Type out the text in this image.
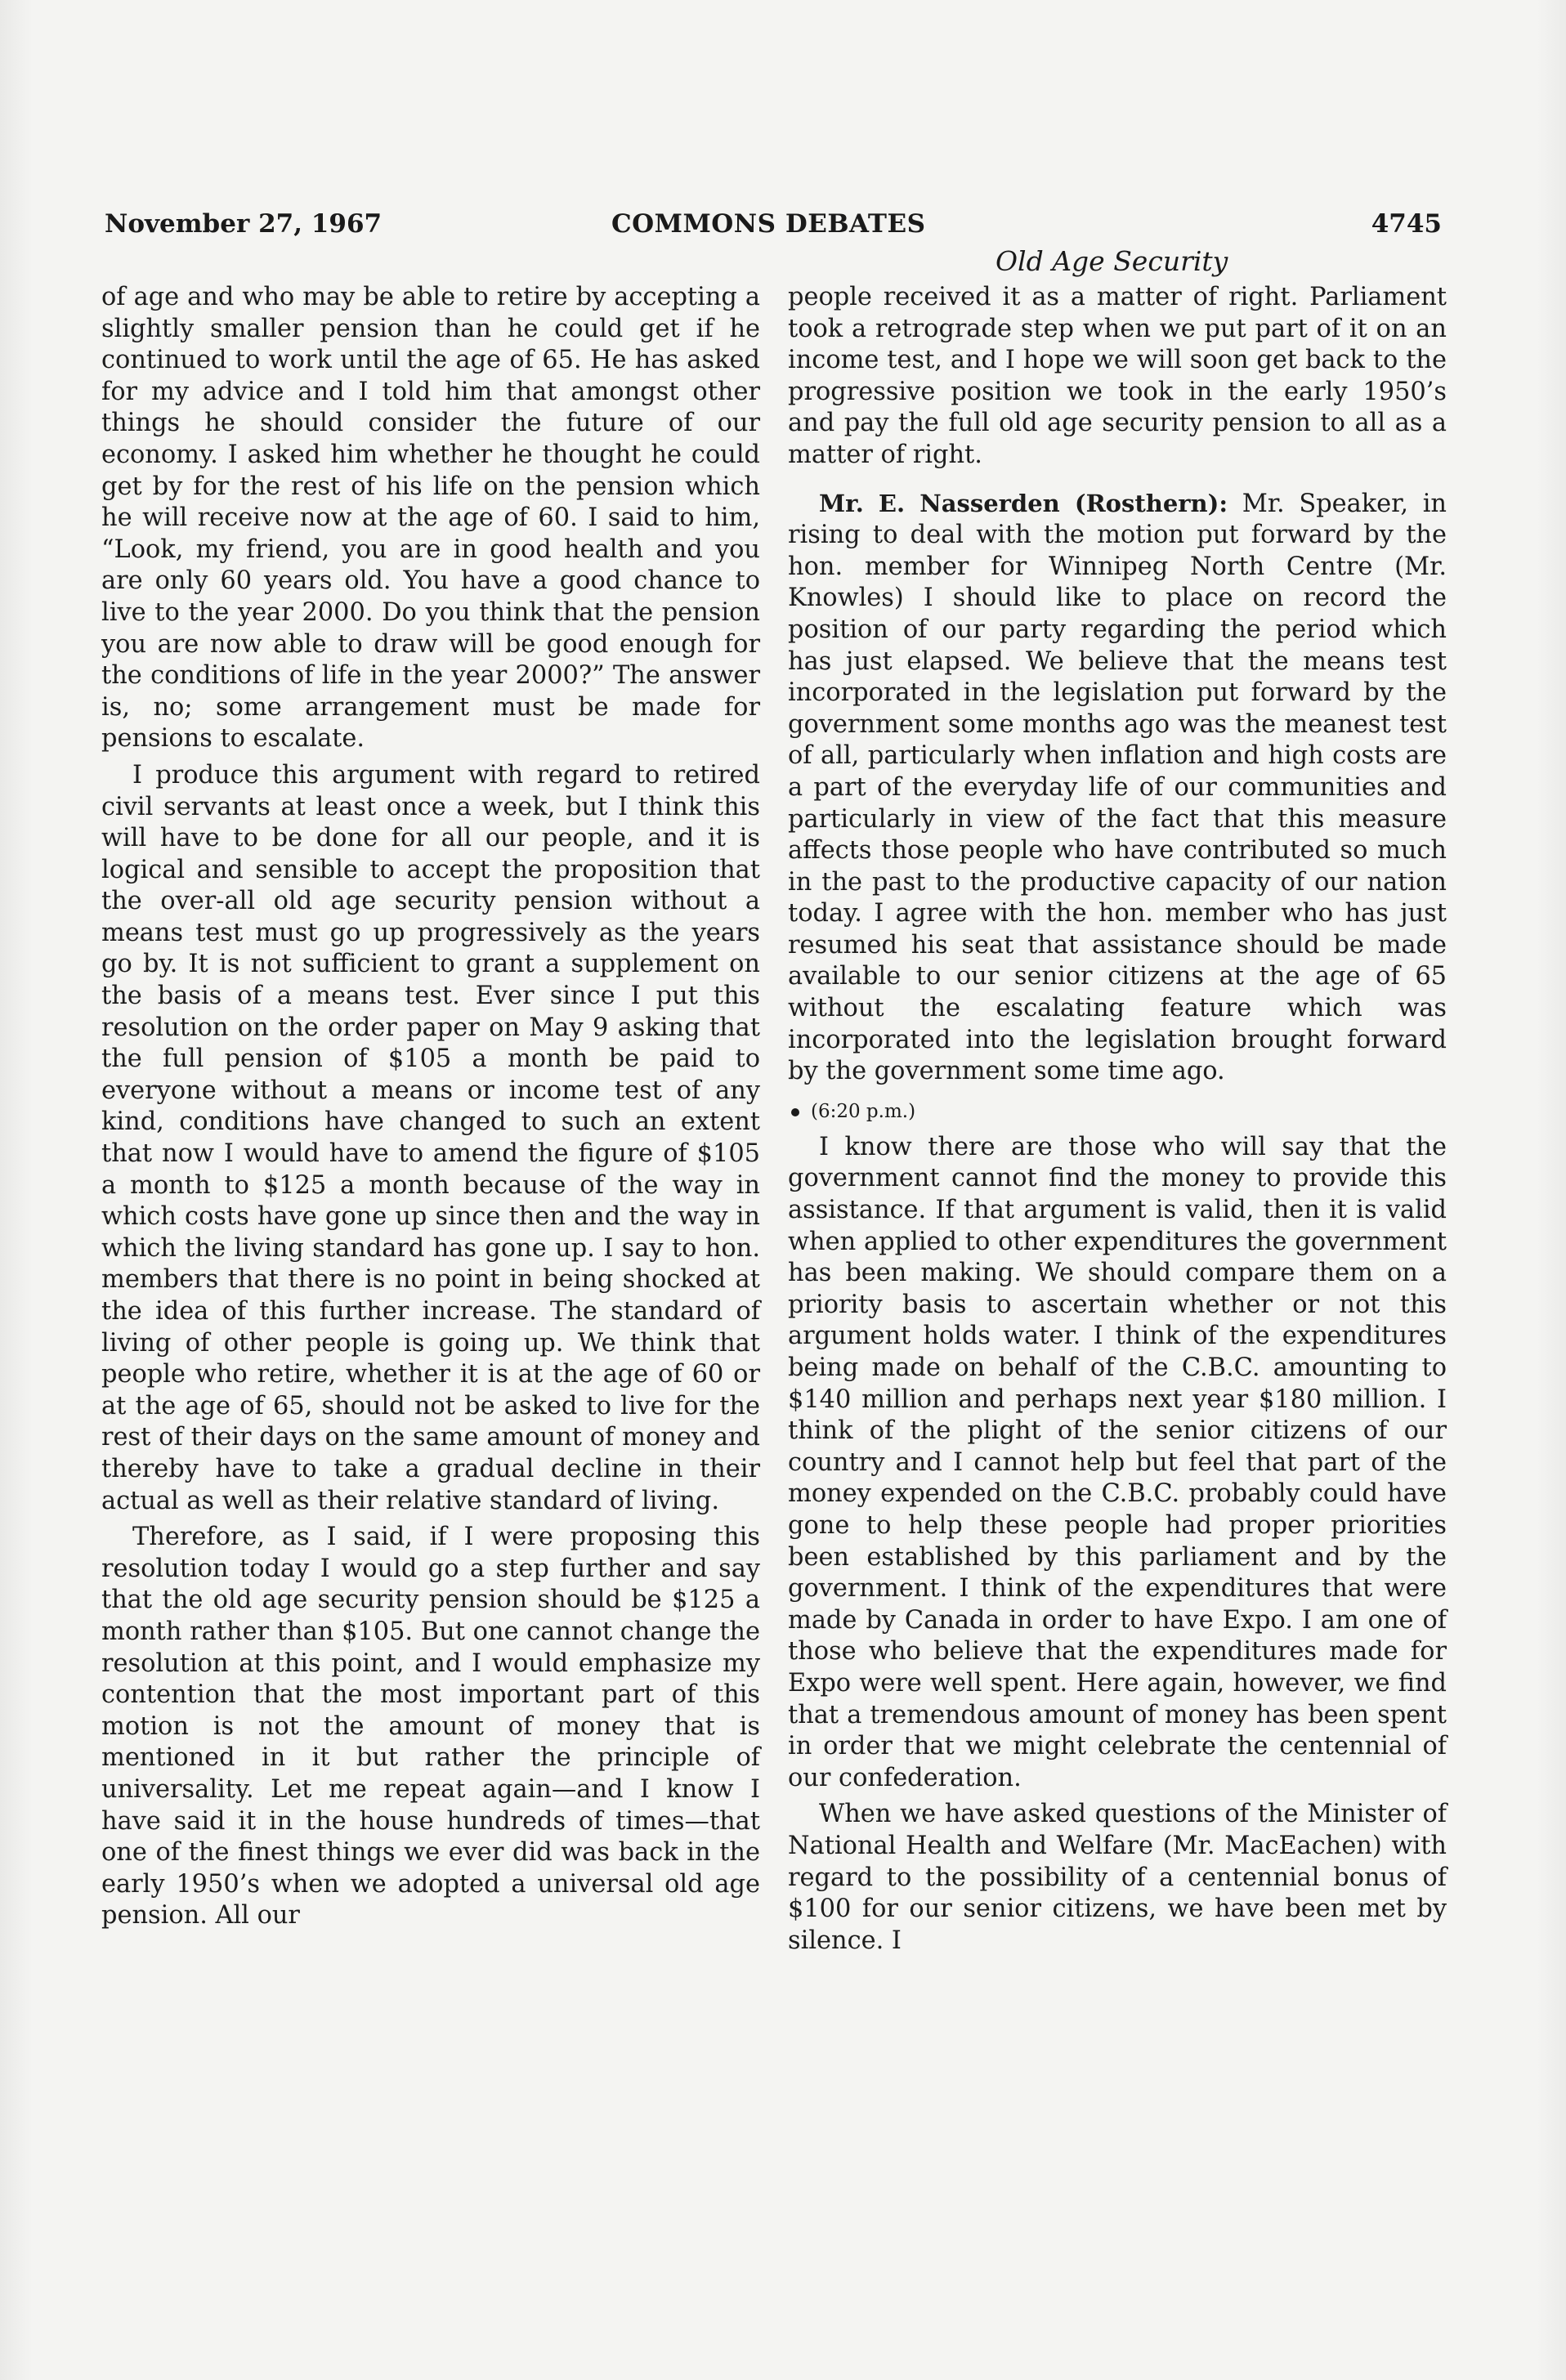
November 27, 1967	COMMONS DEBATES	4745
Old Age Security

of age and who may be able to retire by accepting a slightly smaller pension than he could get if he continued to work until the age of 65. He has asked for my advice and I told him that amongst other things he should consider the future of our economy. I asked him whether he thought he could get by for the rest of his life on the pension which he will receive now at the age of 60. I said to him, “Look, my friend, you are in good health and you are only 60 years old. You have a good chance to live to the year 2000. Do you think that the pension you are now able to draw will be good enough for the conditions of life in the year 2000?” The answer is, no; some arrangement must be made for pensions to escalate.

I produce this argument with regard to retired civil servants at least once a week, but I think this will have to be done for all our people, and it is logical and sensible to accept the proposition that the over-all old age security pension without a means test must go up progressively as the years go by. It is not sufficient to grant a supplement on the basis of a means test. Ever since I put this resolution on the order paper on May 9 asking that the full pension of $105 a month be paid to everyone without a means or income test of any kind, conditions have changed to such an extent that now I would have to amend the figure of $105 a month to $125 a month because of the way in which costs have gone up since then and the way in which the living standard has gone up. I say to hon. members that there is no point in being shocked at the idea of this further increase. The standard of living of other people is going up. We think that people who retire, whether it is at the age of 60 or at the age of 65, should not be asked to live for the rest of their days on the same amount of money and thereby have to take a gradual decline in their actual as well as their relative standard of living.

Therefore, as I said, if I were proposing this resolution today I would go a step further and say that the old age security pension should be $125 a month rather than $105. But one cannot change the resolution at this point, and I would emphasize my contention that the most important part of this motion is not the amount of money that is mentioned in it but rather the principle of universality. Let me repeat again—and I know I have said it in the house hundreds of times—that one of the finest things we ever did was back in the early 1950’s when we adopted a universal old age pension. All our

people received it as a matter of right. Parliament took a retrograde step when we put part of it on an income test, and I hope we will soon get back to the progressive position we took in the early 1950’s and pay the full old age security pension to all as a matter of right.

Mr. E. Nasserden (Rosthern): Mr. Speaker, in rising to deal with the motion put forward by the hon. member for Winnipeg North Centre (Mr. Knowles) I should like to place on record the position of our party regarding the period which has just elapsed. We believe that the means test incorporated in the legislation put forward by the government some months ago was the meanest test of all, particularly when inflation and high costs are a part of the everyday life of our communities and particularly in view of the fact that this measure affects those people who have contributed so much in the past to the productive capacity of our nation today. I agree with the hon. member who has just resumed his seat that assistance should be made available to our senior citizens at the age of 65 without the escalating feature which was incorporated into the legislation brought forward by the government some time ago.

(6:20 p.m.)

I know there are those who will say that the government cannot find the money to provide this assistance. If that argument is valid, then it is valid when applied to other expenditures the government has been making. We should compare them on a priority basis to ascertain whether or not this argument holds water. I think of the expenditures being made on behalf of the C.B.C. amounting to $140 million and perhaps next year $180 million. I think of the plight of the senior citizens of our country and I cannot help but feel that part of the money expended on the C.B.C. probably could have gone to help these people had proper priorities been established by this parliament and by the government. I think of the expenditures that were made by Canada in order to have Expo. I am one of those who believe that the expenditures made for Expo were well spent. Here again, however, we find that a tremendous amount of money has been spent in order that we might celebrate the centennial of our confederation.

When we have asked questions of the Minister of National Health and Welfare (Mr. MacEachen) with regard to the possibility of a centennial bonus of $100 for our senior citizens, we have been met by silence. I
